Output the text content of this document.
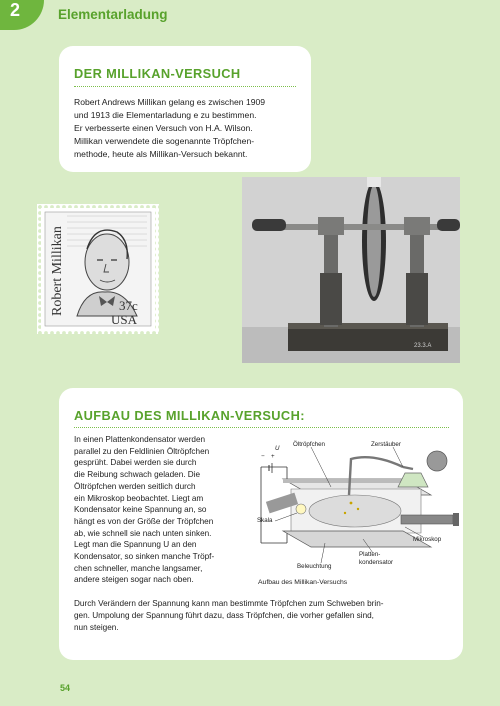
2	Elementarladung
DER MILLIKAN-VERSUCH
Robert Andrews Millikan gelang es zwischen 1909
und 1913 die Elementarladung e zu bestimmen.
Er verbesserte einen Versuch von H.A. Wilson.
Millikan verwendete die sogenannte Tröpfchen-
methode, heute als Millikan-Versuch bekannt.
Robert Millikan	37c
USA
23.3.A
AUFBAU DES MILLIKAN-VERSUCH:
In einen Plattenkondensator werden
parallel zu den Feldlinien Öltröpfchen
gesprüht. Dabei werden sie durch
die Reibung schwach geladen. Die
Öltröpfchen werden seitlich durch
ein Mikroskop beobachtet. Liegt am
Kondensator keine Spannung an, so
hängt es von der Größe der Tröpfchen
ab, wie schnell sie nach unten sinken.
Legt man die Spannung U an den
Kondensator, so sinken manche Tröpf-
chen schneller, manche langsamer,
andere steigen sogar nach oben.
Durch Verändern der Spannung kann man bestimmte Tröpfchen zum Schweben brin-
gen. Umpolung der Spannung führt dazu, dass Tröpfchen, die vorher gefallen sind,
nun steigen.
Öltröpfchen	Zerstäuber
U
+
−
Skala
Mikroskop
Beleuchtung
Platten-
kondensator
Aufbau des Millikan-Versuchs
54
